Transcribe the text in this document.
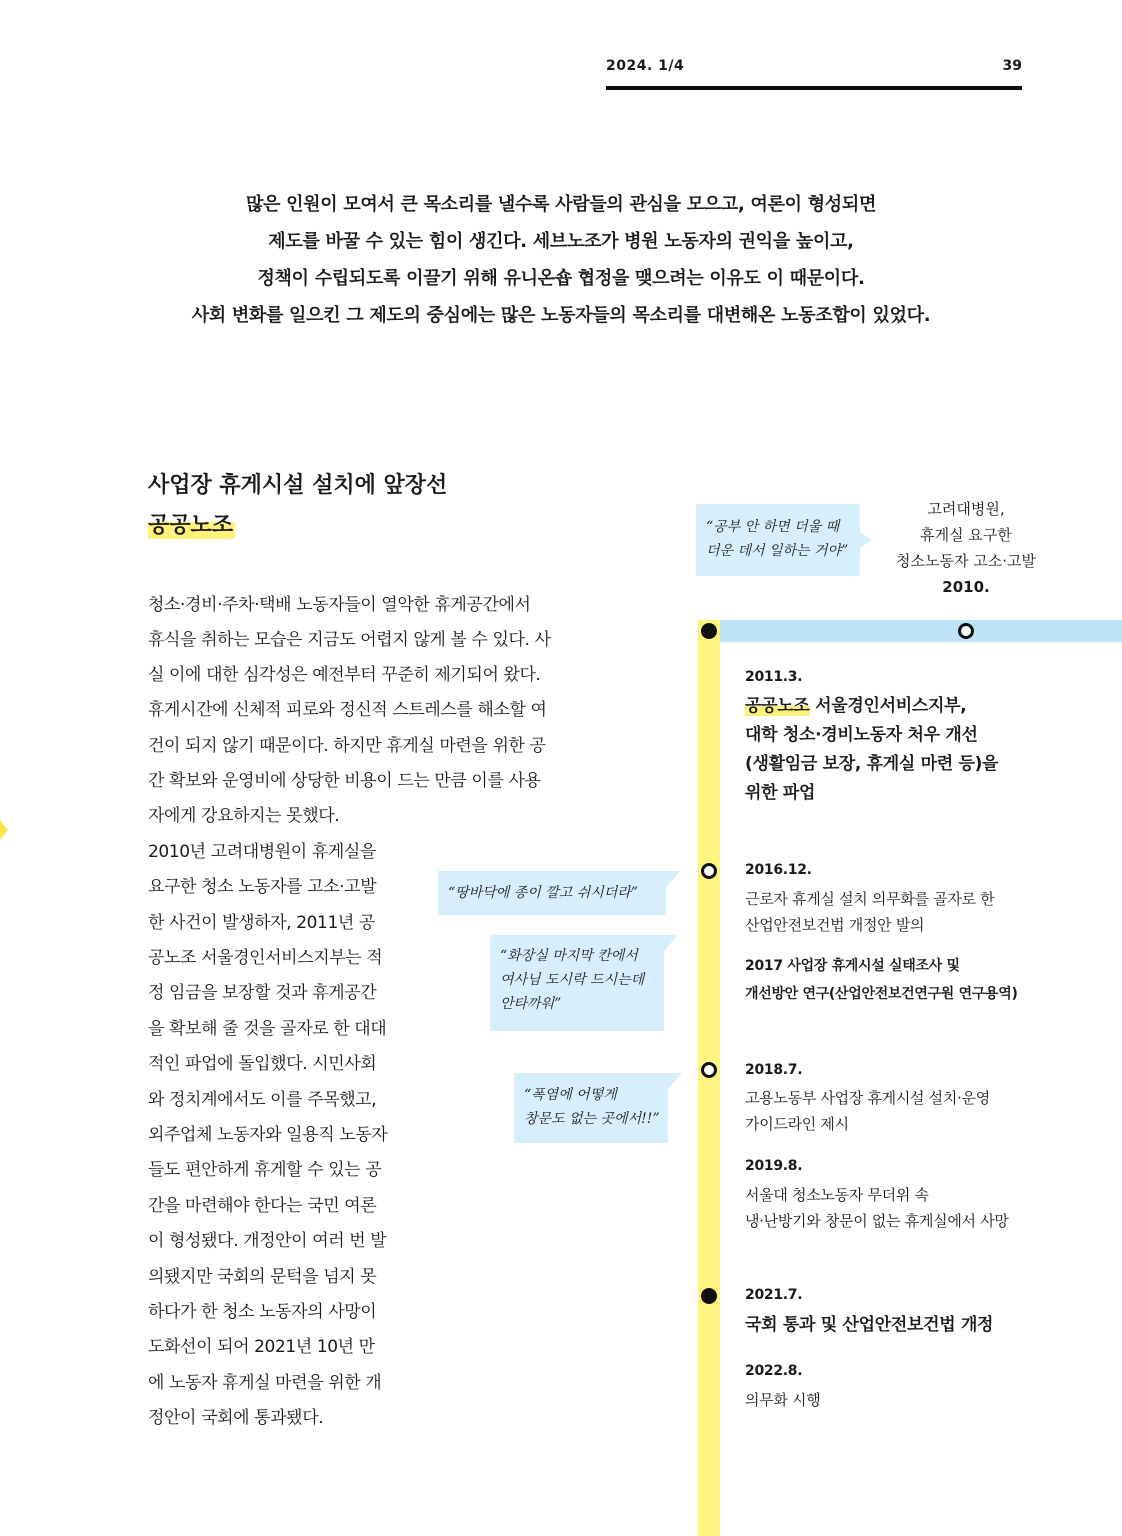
2024. 1/4	39
많은 인원이 모여서 큰 목소리를 낼수록 사람들의 관심을 모으고, 여론이 형성되면
제도를 바꿀 수 있는 힘이 생긴다. 세브노조가 병원 노동자의 권익을 높이고,
정책이 수립되도록 이끌기 위해 유니온숍 협정을 맺으려는 이유도 이 때문이다.
사회 변화를 일으킨 그 제도의 중심에는 많은 노동자들의 목소리를 대변해온 노동조합이 있었다.
사업장 휴게시설 설치에 앞장선
공공노조
청소·경비·주차·택배 노동자들이 열악한 휴게공간에서
휴식을 취하는 모습은 지금도 어렵지 않게 볼 수 있다. 사
실 이에 대한 심각성은 예전부터 꾸준히 제기되어 왔다.
휴게시간에 신체적 피로와 정신적 스트레스를 해소할 여
건이 되지 않기 때문이다. 하지만 휴게실 마련을 위한 공
간 확보와 운영비에 상당한 비용이 드는 만큼 이를 사용
자에게 강요하지는 못했다.
2010년 고려대병원이 휴게실을
요구한 청소 노동자를 고소·고발
한 사건이 발생하자, 2011년 공
공노조 서울경인서비스지부는 적
정 임금을 보장할 것과 휴게공간
을 확보해 줄 것을 골자로 한 대대
적인 파업에 돌입했다. 시민사회
와 정치계에서도 이를 주목했고,
외주업체 노동자와 일용직 노동자
들도 편안하게 휴게할 수 있는 공
간을 마련해야 한다는 국민 여론
이 형성됐다. 개정안이 여러 번 발
의됐지만 국회의 문턱을 넘지 못
하다가 한 청소 노동자의 사망이
도화선이 되어 2021년 10년 만
에 노동자 휴게실 마련을 위한 개
정안이 국회에 통과됐다.
“공부 안 하면 더울 때
더운 데서 일하는 거야”
“땅바닥에 종이 깔고 쉬시더라”
“화장실 마지막 칸에서
여사님 도시락 드시는데
안타까워”
“폭염에 어떻게
창문도 없는 곳에서!!”
고려대병원,
휴게실 요구한
청소노동자 고소·고발
2010.
2011.3.
공공노조 서울경인서비스지부,
대학 청소·경비노동자 처우 개선
(생활임금 보장, 휴게실 마련 등)을
위한 파업
2016.12.
근로자 휴게실 설치 의무화를 골자로 한
산업안전보건법 개정안 발의
2017 사업장 휴게시설 실태조사 및
개선방안 연구(산업안전보건연구원 연구용역)
2018.7.
고용노동부 사업장 휴게시설 설치·운영
가이드라인 제시
2019.8.
서울대 청소노동자 무더위 속
냉·난방기와 창문이 없는 휴게실에서 사망
2021.7.
국회 통과 및 산업안전보건법 개정
2022.8.
의무화 시행
